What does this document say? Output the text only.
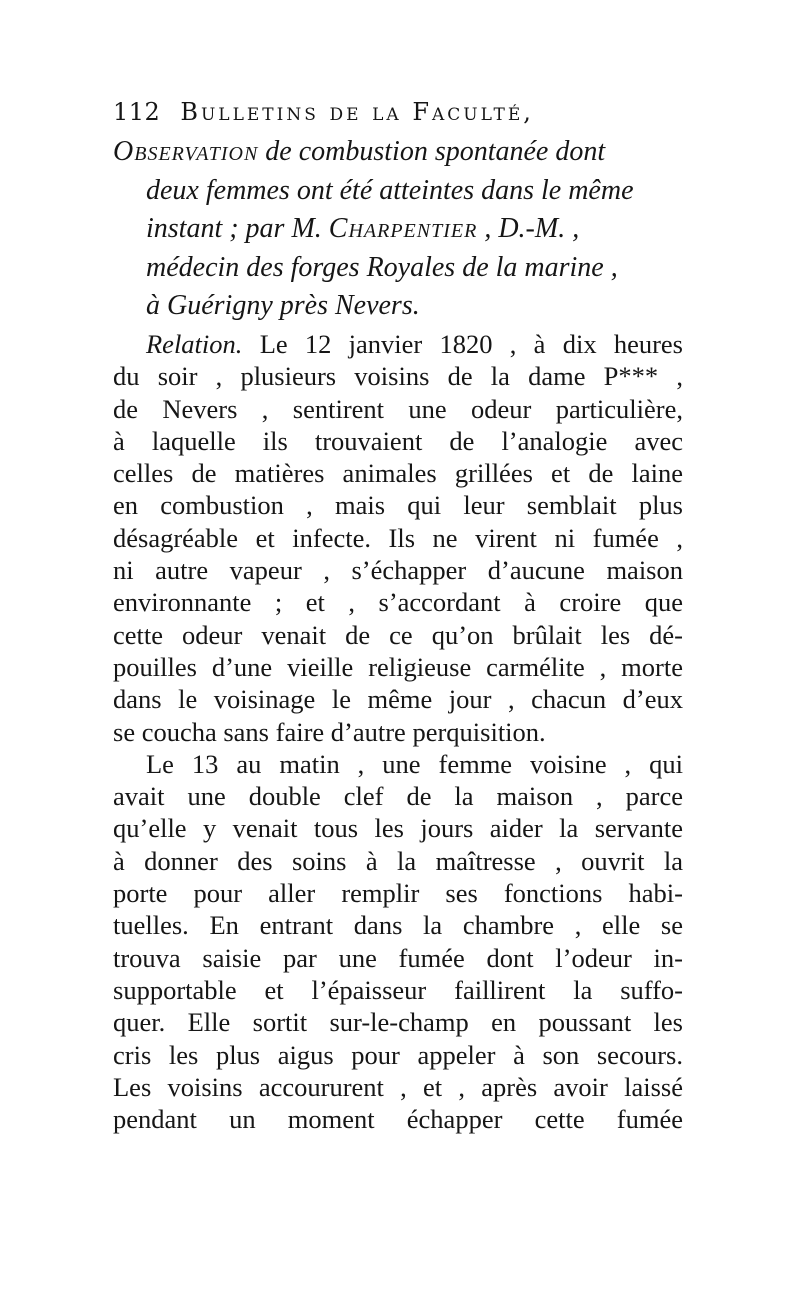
112 Bulletins de la Faculté,
Observation de combustion spontanée dont
deux femmes ont été atteintes dans le même
instant ; par M. Charpentier , D.-M. ,
médecin des forges Royales de la marine ,
à Guérigny près Nevers.
Relation. Le 12 janvier 1820 , à dix heures
du soir , plusieurs voisins de la dame P*** ,
de Nevers , sentirent une odeur particulière,
à laquelle ils trouvaient de l’analogie avec
celles de matières animales grillées et de laine
en combustion , mais qui leur semblait plus
désagréable et infecte. Ils ne virent ni fumée ,
ni autre vapeur , s’échapper d’aucune maison
environnante ; et , s’accordant à croire que
cette odeur venait de ce qu’on brûlait les dé-
pouilles d’une vieille religieuse carmélite , morte
dans le voisinage le même jour , chacun d’eux
se coucha sans faire d’autre perquisition.
Le 13 au matin , une femme voisine , qui
avait une double clef de la maison , parce
qu’elle y venait tous les jours aider la servante
à donner des soins à la maîtresse , ouvrit la
porte pour aller remplir ses fonctions habi-
tuelles. En entrant dans la chambre , elle se
trouva saisie par une fumée dont l’odeur in-
supportable et l’épaisseur faillirent la suffo-
quer. Elle sortit sur-le-champ en poussant les
cris les plus aigus pour appeler à son secours.
Les voisins accoururent , et , après avoir laissé
pendant un moment échapper cette fumée
